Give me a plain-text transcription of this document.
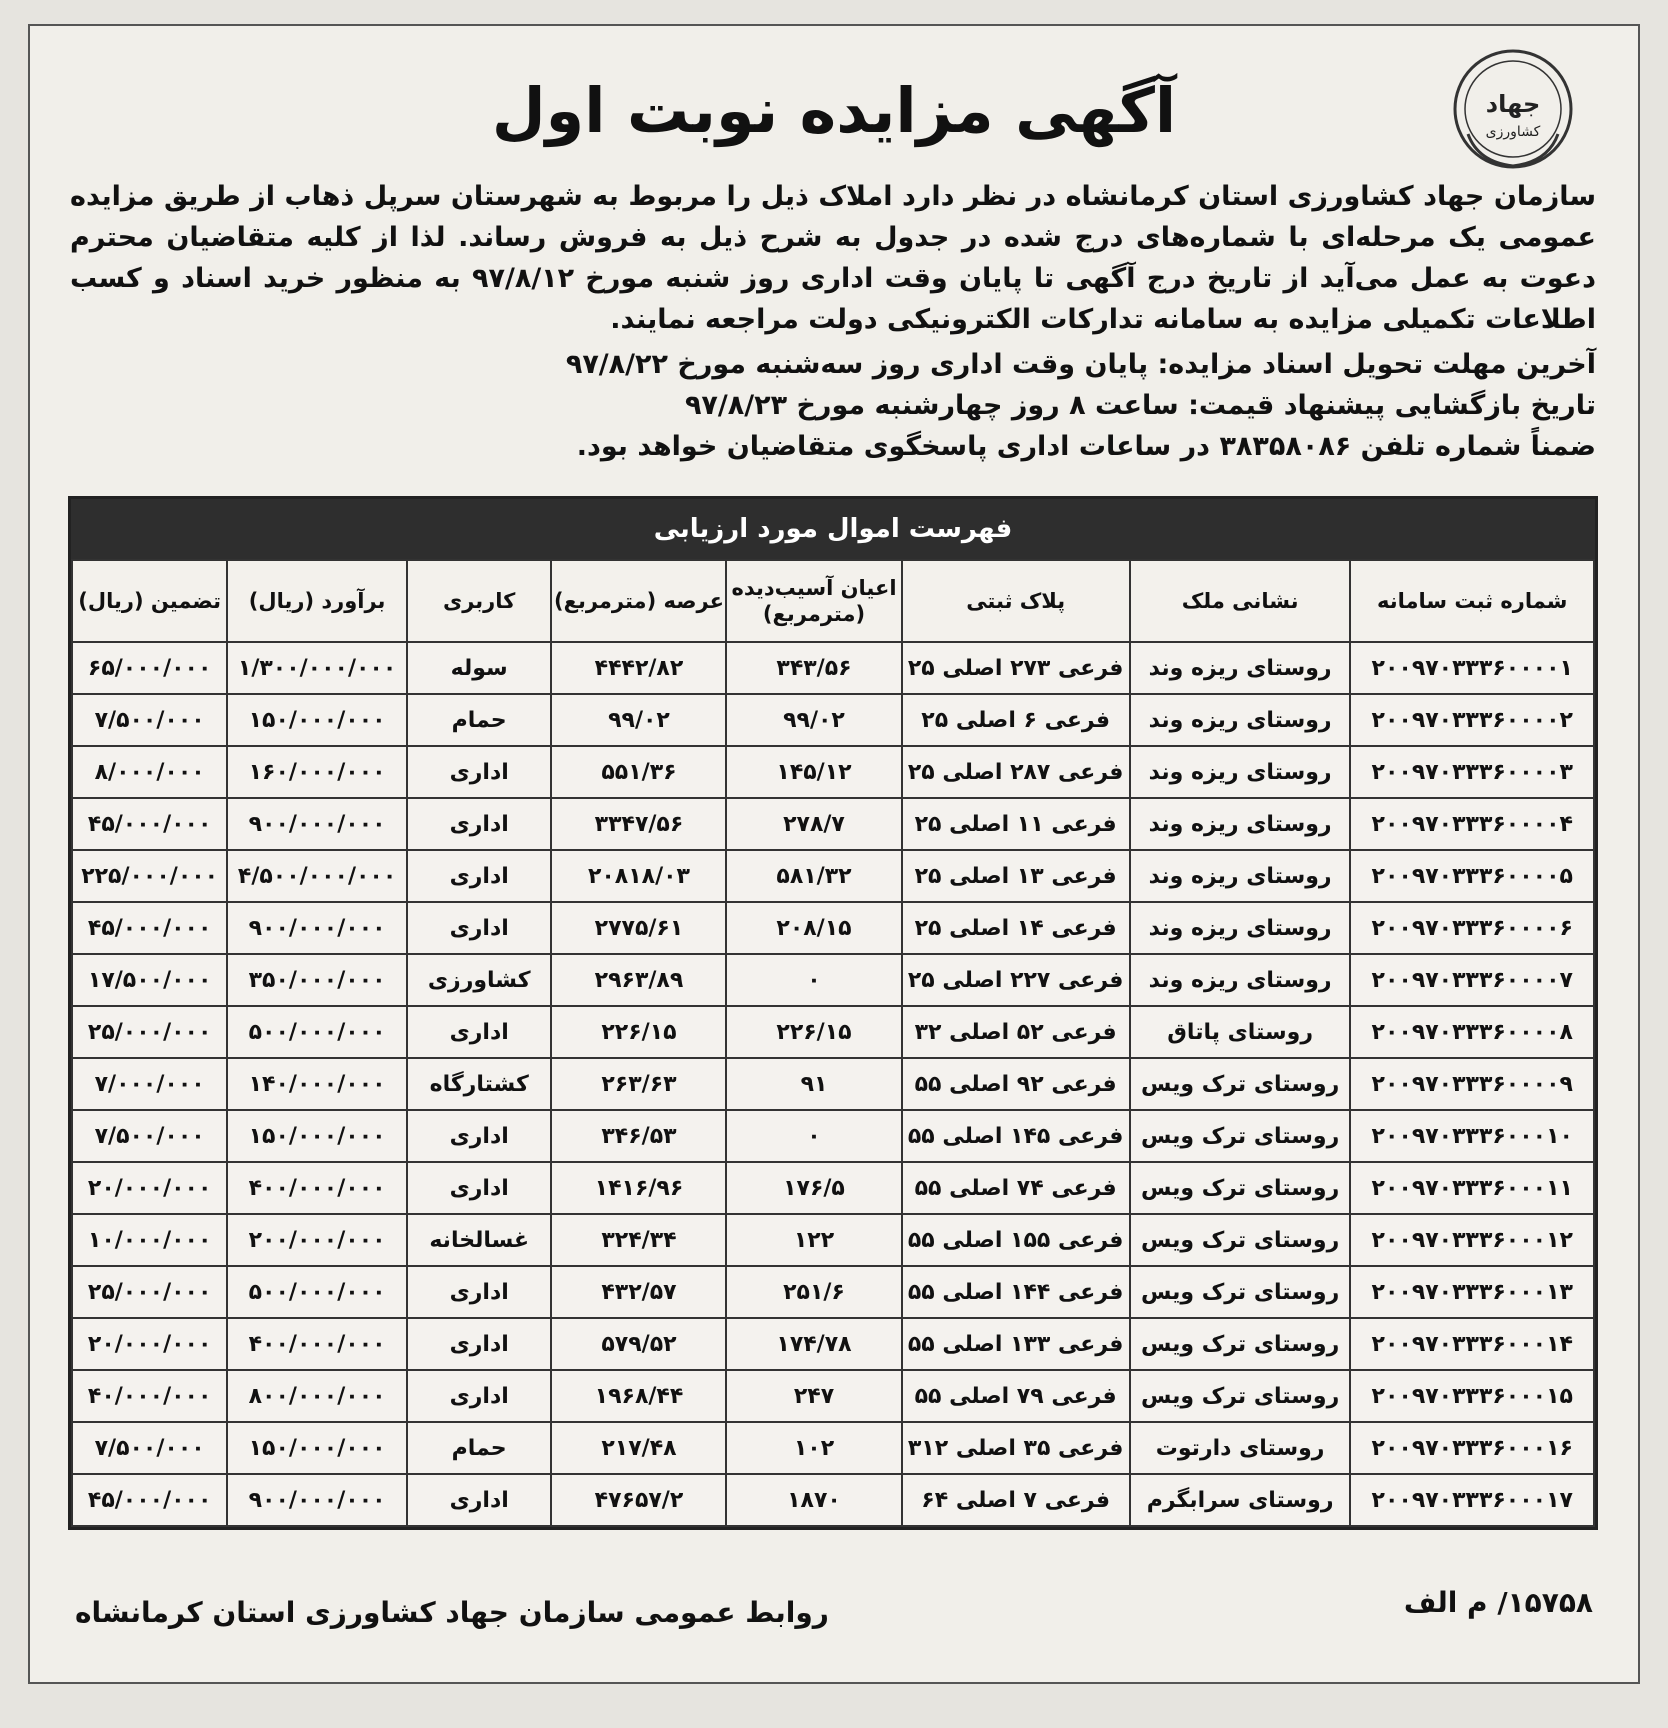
جهاد
کشاورزی
آگهی مزایده نوبت اول
سازمان جهاد کشاورزی استان کرمانشاه در نظر دارد املاک ذیل را مربوط به شهرستان سرپل ذهاب از طریق مزایده عمومی یک مرحله‌ای با شماره‌های درج شده در جدول به شرح ذیل به فروش رساند. لذا از کلیه متقاضیان محترم دعوت به عمل می‌آید از تاریخ درج آگهی تا پایان وقت اداری روز شنبه مورخ ۹۷/۸/۱۲ به منظور خرید اسناد و کسب اطلاعات تکمیلی مزایده به سامانه تدارکات الکترونیکی دولت مراجعه نمایند.
آخرین مهلت تحویل اسناد مزایده: پایان وقت اداری روز سه‌شنبه مورخ ۹۷/۸/۲۲
تاریخ بازگشایی پیشنهاد قیمت: ساعت ۸ روز چهارشنبه مورخ ۹۷/۸/۲۳
ضمناً شماره تلفن ۳۸۳۵۸۰۸۶ در ساعات اداری پاسخگوی متقاضیان خواهد بود.
فهرست اموال مورد ارزیابی
شماره ثبت سامانه	نشانی ملک	پلاک ثبتی	اعیان آسیب‌دیده (مترمربع)	عرصه (مترمربع)	کاربری	برآورد (ریال)	تضمین (ریال)
۲۰۰۹۷۰۳۳۳۶۰۰۰۰۱	روستای ریزه وند	فرعی ۲۷۳ اصلی ۲۵	۳۴۳/۵۶	۴۴۴۲/۸۲	سوله	۱/۳۰۰/۰۰۰/۰۰۰	۶۵/۰۰۰/۰۰۰
۲۰۰۹۷۰۳۳۳۶۰۰۰۰۲	روستای ریزه وند	فرعی ۶ اصلی ۲۵	۹۹/۰۲	۹۹/۰۲	حمام	۱۵۰/۰۰۰/۰۰۰	۷/۵۰۰/۰۰۰
۲۰۰۹۷۰۳۳۳۶۰۰۰۰۳	روستای ریزه وند	فرعی ۲۸۷ اصلی ۲۵	۱۴۵/۱۲	۵۵۱/۳۶	اداری	۱۶۰/۰۰۰/۰۰۰	۸/۰۰۰/۰۰۰
۲۰۰۹۷۰۳۳۳۶۰۰۰۰۴	روستای ریزه وند	فرعی ۱۱ اصلی ۲۵	۲۷۸/۷	۳۳۴۷/۵۶	اداری	۹۰۰/۰۰۰/۰۰۰	۴۵/۰۰۰/۰۰۰
۲۰۰۹۷۰۳۳۳۶۰۰۰۰۵	روستای ریزه وند	فرعی ۱۳ اصلی ۲۵	۵۸۱/۳۲	۲۰۸۱۸/۰۳	اداری	۴/۵۰۰/۰۰۰/۰۰۰	۲۲۵/۰۰۰/۰۰۰
۲۰۰۹۷۰۳۳۳۶۰۰۰۰۶	روستای ریزه وند	فرعی ۱۴ اصلی ۲۵	۲۰۸/۱۵	۲۷۷۵/۶۱	اداری	۹۰۰/۰۰۰/۰۰۰	۴۵/۰۰۰/۰۰۰
۲۰۰۹۷۰۳۳۳۶۰۰۰۰۷	روستای ریزه وند	فرعی ۲۲۷ اصلی ۲۵	۰	۲۹۶۳/۸۹	کشاورزی	۳۵۰/۰۰۰/۰۰۰	۱۷/۵۰۰/۰۰۰
۲۰۰۹۷۰۳۳۳۶۰۰۰۰۸	روستای پاتاق	فرعی ۵۲ اصلی ۳۲	۲۲۶/۱۵	۲۲۶/۱۵	اداری	۵۰۰/۰۰۰/۰۰۰	۲۵/۰۰۰/۰۰۰
۲۰۰۹۷۰۳۳۳۶۰۰۰۰۹	روستای ترک ویس	فرعی ۹۲ اصلی ۵۵	۹۱	۲۶۳/۶۳	کشتارگاه	۱۴۰/۰۰۰/۰۰۰	۷/۰۰۰/۰۰۰
۲۰۰۹۷۰۳۳۳۶۰۰۰۱۰	روستای ترک ویس	فرعی ۱۴۵ اصلی ۵۵	۰	۳۴۶/۵۳	اداری	۱۵۰/۰۰۰/۰۰۰	۷/۵۰۰/۰۰۰
۲۰۰۹۷۰۳۳۳۶۰۰۰۱۱	روستای ترک ویس	فرعی ۷۴ اصلی ۵۵	۱۷۶/۵	۱۴۱۶/۹۶	اداری	۴۰۰/۰۰۰/۰۰۰	۲۰/۰۰۰/۰۰۰
۲۰۰۹۷۰۳۳۳۶۰۰۰۱۲	روستای ترک ویس	فرعی ۱۵۵ اصلی ۵۵	۱۲۲	۳۲۴/۳۴	غسالخانه	۲۰۰/۰۰۰/۰۰۰	۱۰/۰۰۰/۰۰۰
۲۰۰۹۷۰۳۳۳۶۰۰۰۱۳	روستای ترک ویس	فرعی ۱۴۴ اصلی ۵۵	۲۵۱/۶	۴۳۲/۵۷	اداری	۵۰۰/۰۰۰/۰۰۰	۲۵/۰۰۰/۰۰۰
۲۰۰۹۷۰۳۳۳۶۰۰۰۱۴	روستای ترک ویس	فرعی ۱۳۳ اصلی ۵۵	۱۷۴/۷۸	۵۷۹/۵۲	اداری	۴۰۰/۰۰۰/۰۰۰	۲۰/۰۰۰/۰۰۰
۲۰۰۹۷۰۳۳۳۶۰۰۰۱۵	روستای ترک ویس	فرعی ۷۹ اصلی ۵۵	۲۴۷	۱۹۶۸/۴۴	اداری	۸۰۰/۰۰۰/۰۰۰	۴۰/۰۰۰/۰۰۰
۲۰۰۹۷۰۳۳۳۶۰۰۰۱۶	روستای دارتوت	فرعی ۳۵ اصلی ۳۱۲	۱۰۲	۲۱۷/۴۸	حمام	۱۵۰/۰۰۰/۰۰۰	۷/۵۰۰/۰۰۰
۲۰۰۹۷۰۳۳۳۶۰۰۰۱۷	روستای سرابگرم	فرعی ۷ اصلی ۶۴	۱۸۷۰	۴۷۶۵۷/۲	اداری	۹۰۰/۰۰۰/۰۰۰	۴۵/۰۰۰/۰۰۰
روابط عمومی سازمان جهاد کشاورزی استان کرمانشاه	۱۵۷۵۸/ م الف
